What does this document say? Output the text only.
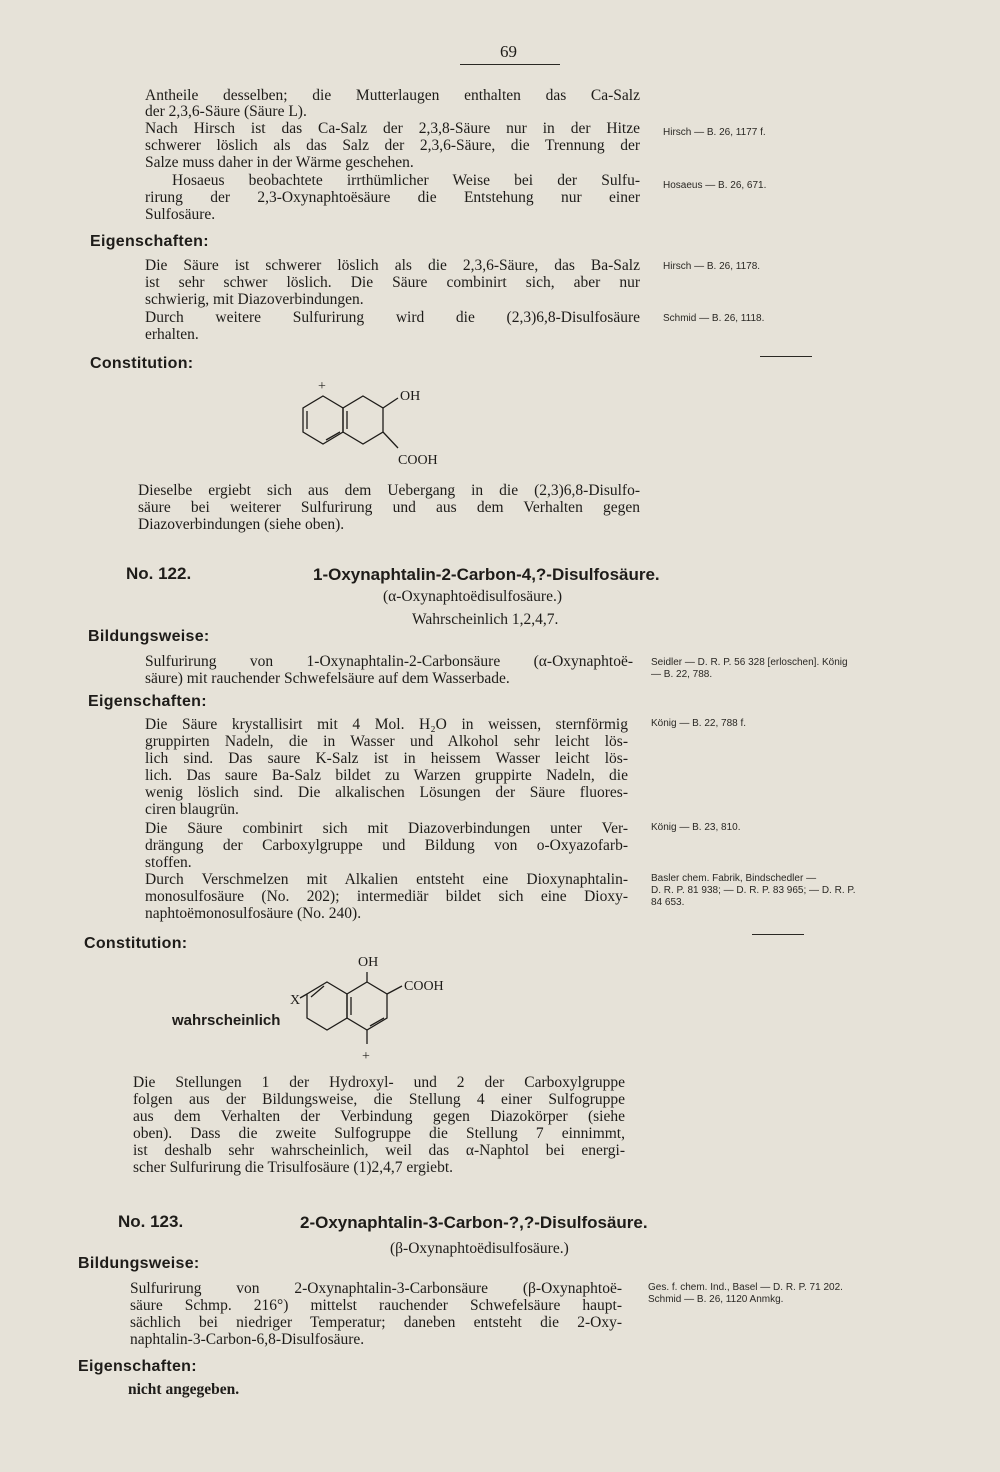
69
Antheile desselben; die Mutterlaugen enthalten das Ca-Salz
der 2,3,6-Säure (Säure L).
Nach Hirsch ist das Ca-Salz der 2,3,8-Säure nur in der Hitze
schwerer löslich als das Salz der 2,3,6-Säure, die Trennung der
Salze muss daher in der Wärme geschehen.
Hosaeus beobachtete irrthümlicher Weise bei der Sulfu-
rirung der 2,3-Oxynaphtoësäure die Entstehung nur einer
Sulfosäure.
Hirsch — B. 26, 1177 f.
Hosaeus — B. 26, 671.
Eigenschaften:
Die Säure ist schwerer löslich als die 2,3,6-Säure, das Ba-Salz
ist sehr schwer löslich. Die Säure combinirt sich, aber nur
schwierig, mit Diazoverbindungen.
Durch weitere Sulfurirung wird die (2,3)6,8-Disulfosäure
erhalten.
Hirsch — B. 26, 1178.
Schmid — B. 26, 1118.
Constitution:
+
OH
COOH
Dieselbe ergiebt sich aus dem Uebergang in die (2,3)6,8-Disulfo-
säure bei weiterer Sulfurirung und aus dem Verhalten gegen
Diazoverbindungen (siehe oben).
No. 122.	1-Oxynaphtalin-2-Carbon-4,?-Disulfosäure.
(α-Oxynaphtoëdisulfosäure.)
Wahrscheinlich 1,2,4,7.
Bildungsweise:
Sulfurirung von 1-Oxynaphtalin-2-Carbonsäure (α-Oxynaphtoë-
säure) mit rauchender Schwefelsäure auf dem Wasserbade.
Seidler — D. R. P. 56 328 [erloschen]. König
— B. 22, 788.
Eigenschaften:
Die Säure krystallisirt mit 4 Mol. H₂O in weissen, sternförmig
gruppirten Nadeln, die in Wasser und Alkohol sehr leicht lös-
lich sind. Das saure K-Salz ist in heissem Wasser leicht lös-
lich. Das saure Ba-Salz bildet zu Warzen gruppirte Nadeln, die
wenig löslich sind. Die alkalischen Lösungen der Säure fluores-
ciren blaugrün.
Die Säure combinirt sich mit Diazoverbindungen unter Ver-
drängung der Carboxylgruppe und Bildung von o-Oxyazofarb-
stoffen.
Durch Verschmelzen mit Alkalien entsteht eine Dioxynaphtalin-
monosulfosäure (No. 202); intermediär bildet sich eine Dioxy-
naphtoëmonosulfosäure (No. 240).
König — B. 22, 788 f.
König — B. 23, 810.
Basler chem. Fabrik, Bindschedler —
D. R. P. 81 938; — D. R. P. 83 965; — D. R. P.
84 653.
Constitution:
wahrscheinlich
OH
COOH
X
+
Die Stellungen 1 der Hydroxyl- und 2 der Carboxylgruppe
folgen aus der Bildungsweise, die Stellung 4 einer Sulfogruppe
aus dem Verhalten der Verbindung gegen Diazokörper (siehe
oben). Dass die zweite Sulfogruppe die Stellung 7 einnimmt,
ist deshalb sehr wahrscheinlich, weil das α-Naphtol bei energi-
scher Sulfurirung die Trisulfosäure (1)2,4,7 ergiebt.
No. 123.	2-Oxynaphtalin-3-Carbon-?,?-Disulfosäure.
(β-Oxynaphtoëdisulfosäure.)
Bildungsweise:
Sulfurirung von 2-Oxynaphtalin-3-Carbonsäure (β-Oxynaphtoë-
säure Schmp. 216°) mittelst rauchender Schwefelsäure haupt-
sächlich bei niedriger Temperatur; daneben entsteht die 2-Oxy-
naphtalin-3-Carbon-6,8-Disulfosäure.
Ges. f. chem. Ind., Basel — D. R. P. 71 202.
Schmid — B. 26, 1120 Anmkg.
Eigenschaften:
nicht angegeben.
